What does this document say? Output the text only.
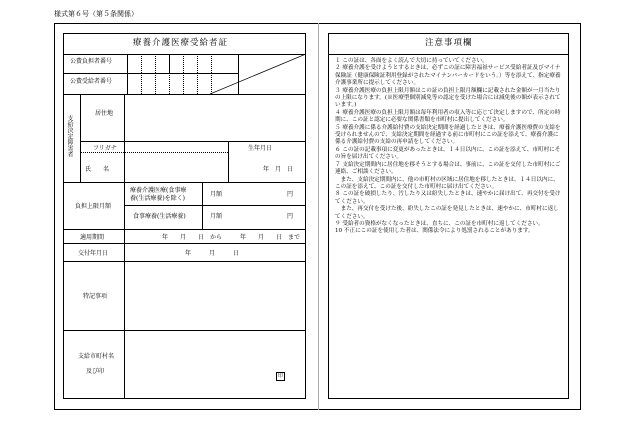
様式第６号（第５条関係）
療養介護医療受給者証
公費負担者番号
公費受給者番号
支給決定障害者
居住地
フリガナ	生年月日
氏　　名	年　月　日
負担上限月額
療養介護医療(食事療
養(生活療養)を除く)
月額	円
食事療養(生活療養)	月額	円
適用期間	年　　月　　日　から　　　年　　月　　日　まで
交付年月日	年　　　月　　　日
特記事項
支給市町村名
及び印
印
注意事項欄

１ この証は、各面をよく読んで大切に持っていてください。

２ 療養介護を受けようとするときは、必ずこの証に障害福祉サービス受給者証及びマイナ保険証（健康保険証利用登録がされたマイナンバーカードをいう。）等を添えて、指定療養介護事業所に提示してください。

３ 療養介護医療の負担上限月額はこの証の負担上限月額欄に記載された金額が一月当たりの上限になります。(※医療型個別減免等の認定を受けた場合には減免後の額が表示されています。)

４ 療養介護医療の負担上限月額は毎年利用者の収入等に応じて決定しますので、所定の時期に、この証と認定に必要な関係書類を市町村に提出してください。

５ 療養介護に係る介護給付費の支給決定期間を経過したときは、療養介護医療費の支給を受けられませんので、支給決定期間を経過する前に市町村にこの証を添えて、療養介護に係る介護給付費の支給の再申請をしてください。

６ この証の記載事項に変更があったときは、１４日以内に、この証を添えて、市町村にその旨を届け出てください。

７ 支給決定期間内に居住地を移そうとする場合は、事前に、この証を交付した市町村にご連絡、ご相談ください。

　また、支給決定期間内に、他の市町村の区域に居住地を移したときは、１４日以内に、この証を添えて、この証を交付した市町村に届け出てください。

８ この証を破損したり、汚したり又は紛失したときは、速やかに届け出て、再交付を受けてください。

　また、再交付を受けた後、紛失したこの証を発見したときは、速やかに、市町村に返してください。

９ 受給者の資格がなくなったときは、直ちに、この証を市町村に返してください。

10 不正にこの証を使用した者は、関係法令により処罰されることがあります。
